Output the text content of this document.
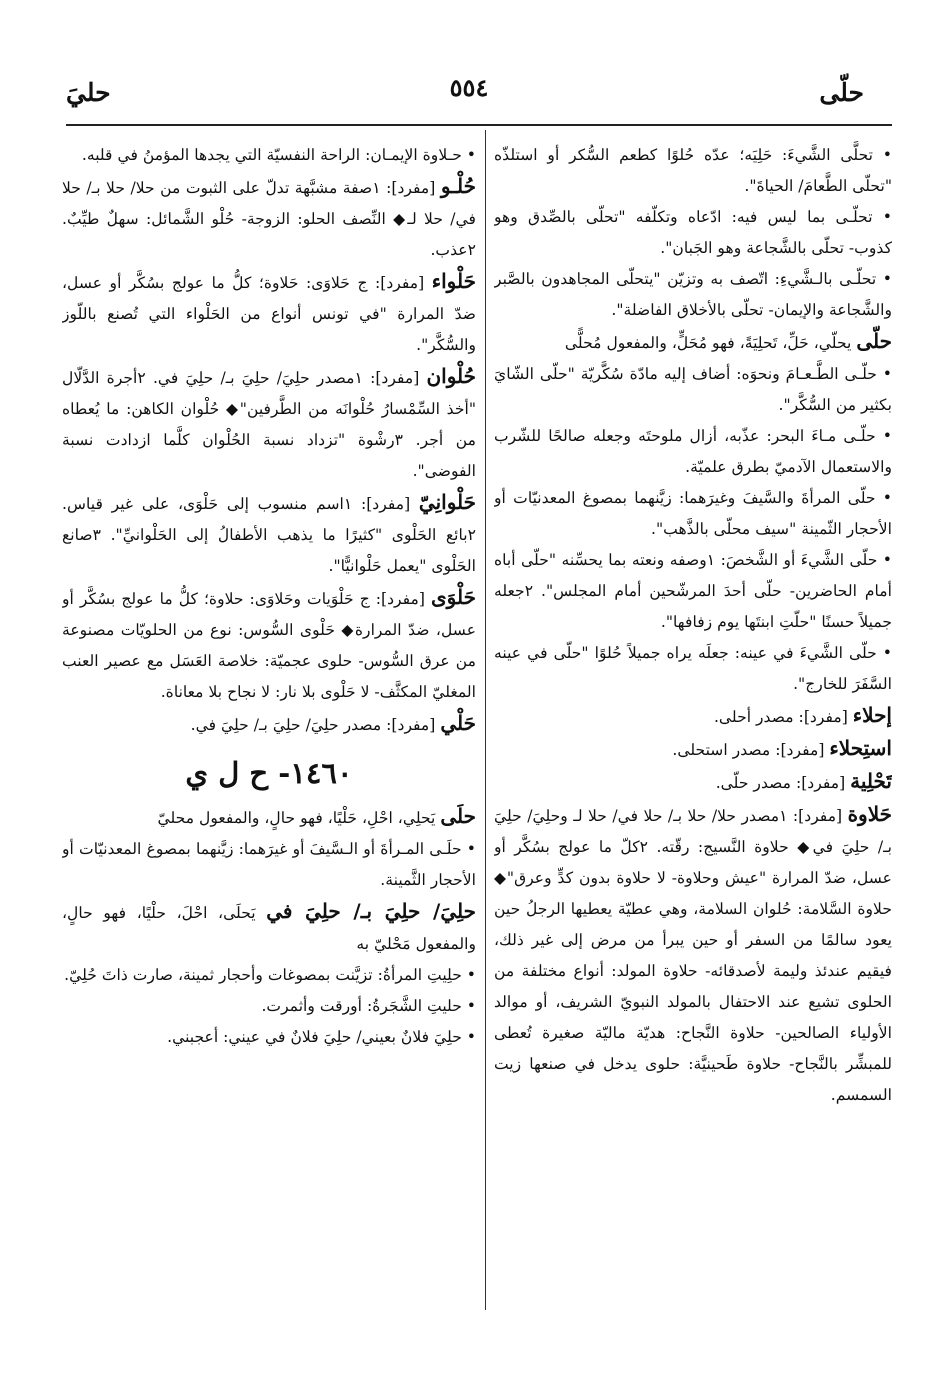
حلّى
٥٥٤
حليَ

• تحلَّى الشَّيءَ: حَلِيَه؛ عدّه حُلوًا كطعم السُّكر أو استلذّه "تحلّى الطَّعامَ/ الحياةَ".

• تحلّـى بما ليس فيه: ادّعاه وتكلّفه "تحلّى بالصِّدق وهو كذوب- تحلّى بالشَّجاعة وهو الجَبان".

• تحلّـى بالـشَّيءِ: اتّصف به وتزيّن "يتحلّى المجاهدون بالصَّبر والشَّجاعة والإيمان- تحلّى بالأخلاق الفاضلة".

حلّى يحلّي، حَلِّ، تَحلِيَةً، فهو مُحَلٍّ، والمفعول مُحلًّى

• حلّـى الطَّـعـامَ ونحوَه: أضاف إليه مادّة سُكَّريّة "حلّى الشّايَ بكثير من السُّكَّر".

• حلّـى مـاءَ البحر: عذّبه، أزال ملوحتَه وجعله صالحًا للشّرب والاستعمال الآدميّ بطرق علميّة.

• حلّى المرأةَ والسَّيفَ وغيرَهما: زيَّنهما بمصوغ المعدنيّات أو الأحجار الثّمينة "سيف محلّى بالذَّهب".

• حلّى الشَّيءَ أو الشَّخصَ: ١وصفه ونعته بما يحسِّنه "حلّى أباه أمام الحاضرين- حلّى أحدَ المرشّحين أمام المجلس". ٢جعله جميلاً حسنًا "حلّتِ ابنتَها يوم زفافها".

• حلّى الشَّيءَ في عينه: جعلَه يراه جميلاً حُلوًا "حلّى في عينه السَّفَرَ للخارج".

إحلاء [مفرد]: مصدر أحلى.

استِحلاء [مفرد]: مصدر استحلى.

تَحْلِية [مفرد]: مصدر حلّى.

حَلاوة [مفرد]: ١مصدر حلا/ حلا بـ/ حلا في/ حلا لـ وحلِيَ/ حلِيَ بـ/ حلِيَ في◆ حلاوة النَّسيج: رقّته. ٢كلّ ما عولج بسُكَّر أو عسل، ضدّ المرارة "عيش وحلاوة- لا حلاوة بدون كدٍّ وعرق"◆ حلاوة السَّلامة: حُلوان السلامة، وهي عطيّة يعطيها الرجلُ حين يعود سالمًا من السفر أو حين يبرأ من مرض إلى غير ذلك، فيقيم عندئذ وليمة لأصدقائه- حلاوة المولد: أنواع مختلفة من الحلوى تشيع عند الاحتفال بالمولد النبويّ الشريف، أو موالد الأولياء الصالحين- حلاوة النَّجاح: هديّة ماليّة صغيرة تُعطى للمبشِّر بالنَّجاح- حلاوة طَحينيَّة: حلوى يدخل في صنعها زيت السمسم.

• حـلاوة الإيمـان: الراحة النفسيّة التي يجدها المؤمنُ في قلبه.

حُلْـو [مفرد]: ١صفة مشبَّهة تدلّ على الثبوت من حلا/ حلا بـ/ حلا في/ حلا لـ◆ النِّصف الحلو: الزوجة- حُلْو الشَّمائل: سهلٌ طيِّبٌ. ٢عذب.

حَلْواء [مفرد]: ج حَلاوَى: حَلاوة؛ كلُّ ما عولج بسُكَّر أو عسل، ضدّ المرارة "في تونس أنواع من الحَلْواء التي تُصنع باللّوز والسُّكَّر".

حُلْوان [مفرد]: ١مصدر حلِيَ/ حلِيَ بـ/ حلِيَ في. ٢أجرة الدَّلّال "أخذ السِّمْسارُ حُلْوانَه من الطَّرفين"◆ حُلْوان الكاهن: ما يُعطاه من أجر. ٣رشْوة "تزداد نسبة الحُلْوان كلَّما ازدادت نسبة الفوضى".

حَلْوانِيّ [مفرد]: ١اسم منسوب إلى حَلْوَى، على غير قياس. ٢بائع الحَلْوى "كثيرًا ما يذهب الأطفالُ إلى الحَلْوانيِّ". ٣صانع الحَلْوى "يعمل حَلْوانيًّا".

حَلْوَى [مفرد]: ج حَلْوَيات وحَلاوَى: حلاوة؛ كلُّ ما عولج بسُكَّر أو عسل، ضدّ المرارة◆ حَلْوى السُّوس: نوع من الحلويّات مصنوعة من عرق السُّوس- حلوى عجميّة: خلاصة العَسَل مع عصير العنب المغليّ المكثَّف- لا حَلْوى بلا نار: لا نجاح بلا معاناة.

حَلْي [مفرد]: مصدر حلِيَ/ حلِيَ بـ/ حلِيَ في.

١٤٦٠- ح ل ي

حلَى يَحلِي، احْلِ، حَلْيًا، فهو حالٍ، والمفعول محليّ

• حلَـى المـرأةَ أو الـسَّيفَ أو غيرَهما: زيَّنهما بمصوغ المعدنيّات أو الأحجار الثَّمينة.

حلِيَ/ حلِيَ بـ/ حلِيَ في يَحلَى، احْلَ، حلْيًا، فهو حالٍ، والمفعول مَحْليّ به

• حلِيتِ المرأةُ: تزيَّنت بمصوغات وأحجار ثمينة، صارت ذاتَ حُلِيّ.

• حليتِ الشَّجَرةُ: أورقت وأثمرت.

• حلِيَ فلانٌ بعيني/ حلِيَ فلانٌ في عيني: أعجبني.
